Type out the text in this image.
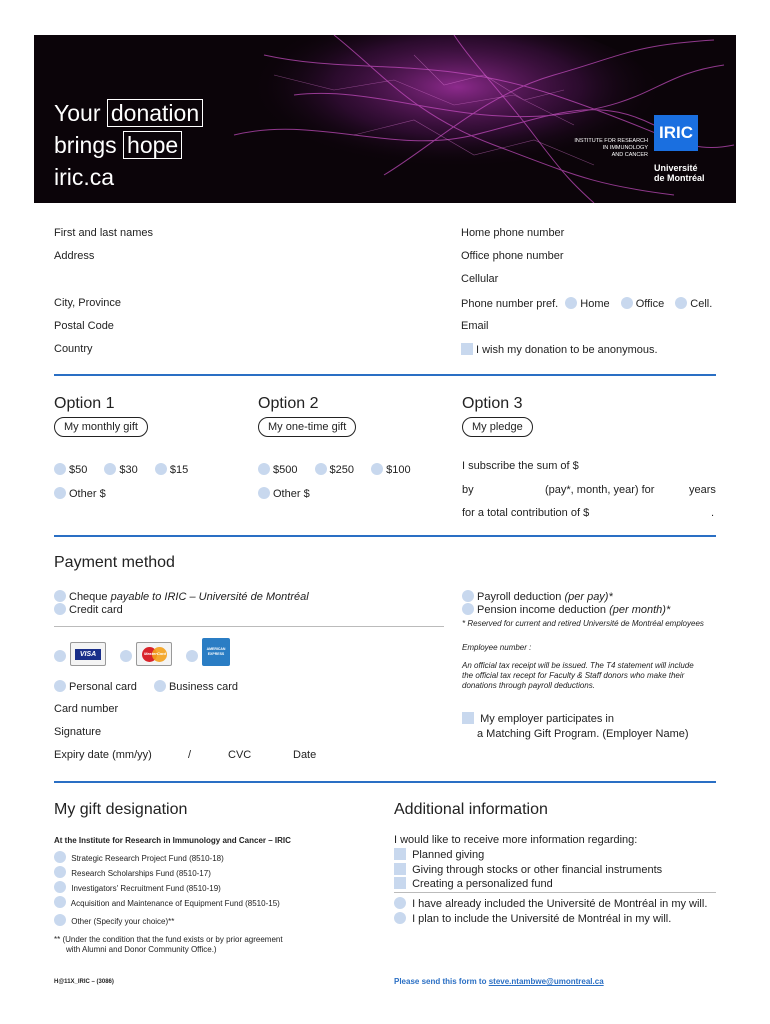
Your donation
brings hope
iric.ca
INSTITUTE FOR RESEARCH
IN IMMUNOLOGY
AND CANCER
IRIC
Université
de Montréal
First and last names
Address
City, Province
Postal Code
Country
Home phone number
Office phone number
Cellular
Phone number pref. Home Office Cell.
Email
I wish my donation to be anonymous.
Option 1
My monthly gift
$50	$30	$15
Other $
Option 2
My one-time gift
$500	$250	$100
Other $
Option 3
My pledge
I subscribe the sum of $
by	(pay*, month, year) for	years
for a total contribution of $	.
Payment method
Cheque payable to IRIC – Université de Montréal
Credit card
Payroll deduction (per pay)*
Pension income deduction (per month)*
* Reserved for current and retired Université de Montréal employees
VISA	MasterCard
AMERICAN EXPRESS
Employee number :
An official tax receipt will be issued. The T4 statement will include
the official tax recept for Faculty & Staff donors who make their
donations through payroll deductions.
Personal card	Business card
Card number
Signature
Expiry date (mm/yy)	/	CVC	Date
My employer participates in
a Matching Gift Program. (Employer Name)
My gift designation
At the Institute for Research in Immunology and Cancer – IRIC
Strategic Research Project Fund (8510-18)
Research Scholarships Fund (8510-17)
Investigators' Recruitment Fund (8510-19)
Acquisition and Maintenance of Equipment Fund (8510-15)
Other (Specify your choice)**
** (Under the condition that the fund exists or by prior agreement
with Alumni and Donor Community Office.)
H@11X_IRIC – (3086)
Additional information
I would like to receive more information regarding:
Planned giving
Giving through stocks or other financial instruments
Creating a personalized fund
I have already included the Université de Montréal in my will.
I plan to include the Université de Montréal in my will.
Please send this form to steve.ntambwe@umontreal.ca
